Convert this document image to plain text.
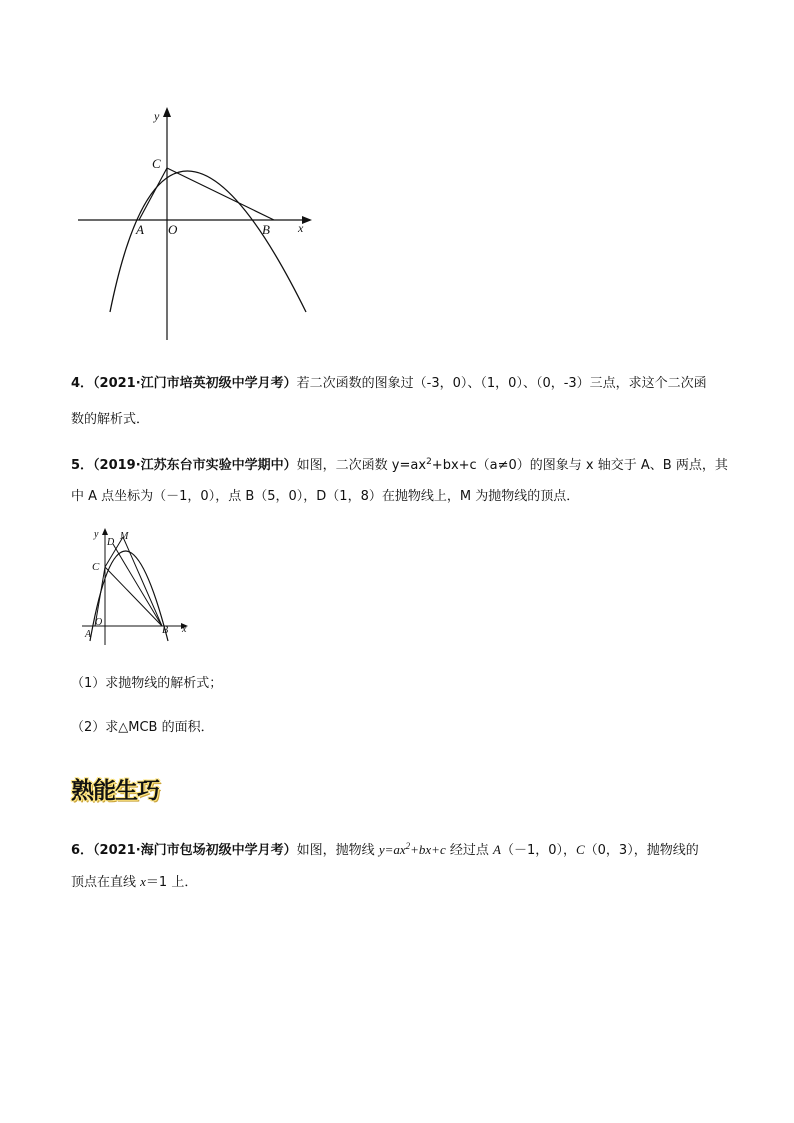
y
x
C
A O	B
4．（2021·江门市培英初级中学月考）若二次函数的图象过（-3，0）、（1，0）、（0，-3）三点，求这个二次函
数的解析式．
5．（2019·江苏东台市实验中学期中）如图，二次函数 $y=ax^2+bx+c(a\ne 0)$的图象与 x 轴交于 A、B 两点，其
中 A 点坐标为（－1，0），点 B（5，0），D（1，8）在抛物线上，M 为抛物线的顶点．
y
x
D
M
C
O
A	B
（1）求抛物线的解析式；
（2）求△MCB 的面积．
熟能生巧
6．（2021·海门市包场初级中学月考）如图，抛物线 $y=ax^2+bx+c$ 经过点 A（－1，0），C（0，3），抛物线的
顶点在直线 x＝1 上．
